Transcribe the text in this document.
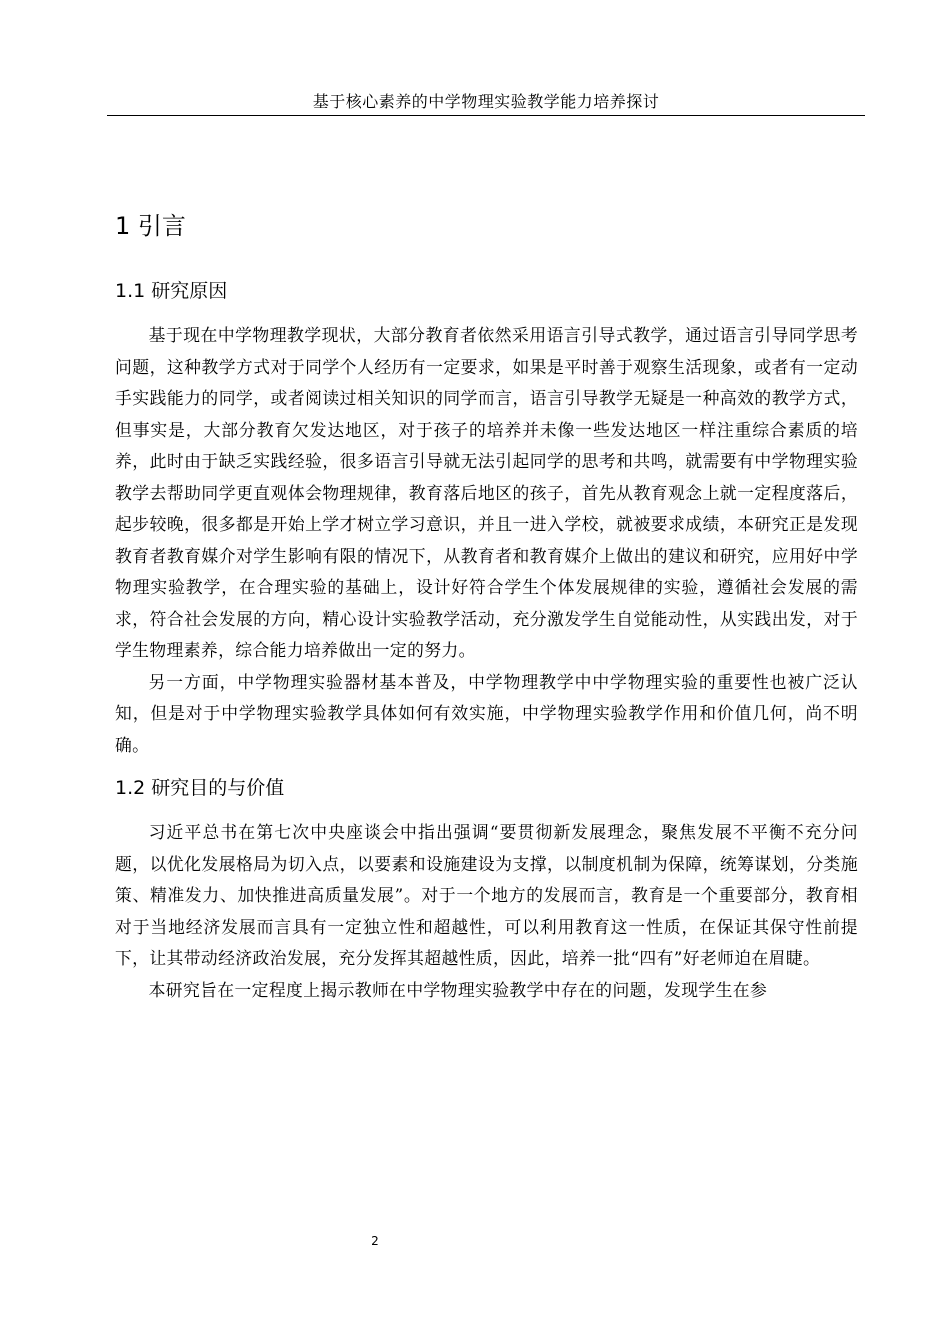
基于核心素养的中学物理实验教学能力培养探讨
1 引言
1.1 研究原因

基于现在中学物理教学现状，大部分教育者依然采用语言引导式教学，通过语言引导同学思考问题，这种教学方式对于同学个人经历有一定要求，如果是平时善于观察生活现象，或者有一定动手实践能力的同学，或者阅读过相关知识的同学而言，语言引导教学无疑是一种高效的教学方式，但事实是，大部分教育欠发达地区，对于孩子的培养并未像一些发达地区一样注重综合素质的培养，此时由于缺乏实践经验，很多语言引导就无法引起同学的思考和共鸣，就需要有中学物理实验教学去帮助同学更直观体会物理规律，教育落后地区的孩子，首先从教育观念上就一定程度落后，起步较晚，很多都是开始上学才树立学习意识，并且一进入学校，就被要求成绩，本研究正是发现教育者教育媒介对学生影响有限的情况下，从教育者和教育媒介上做出的建议和研究，应用好中学物理实验教学，在合理实验的基础上，设计好符合学生个体发展规律的实验，遵循社会发展的需求，符合社会发展的方向，精心设计实验教学活动，充分激发学生自觉能动性，从实践出发，对于学生物理素养，综合能力培养做出一定的努力。

另一方面，中学物理实验器材基本普及，中学物理教学中中学物理实验的重要性也被广泛认知，但是对于中学物理实验教学具体如何有效实施，中学物理实验教学作用和价值几何，尚不明确。

1.2 研究目的与价值

习近平总书在第七次中央座谈会中指出强调“要贯彻新发展理念，聚焦发展不平衡不充分问题，以优化发展格局为切入点，以要素和设施建设为支撑，以制度机制为保障，统筹谋划，分类施策、精准发力、加快推进高质量发展”。对于一个地方的发展而言，教育是一个重要部分，教育相对于当地经济发展而言具有一定独立性和超越性，可以利用教育这一性质，在保证其保守性前提下，让其带动经济政治发展，充分发挥其超越性质，因此，培养一批“四有”好老师迫在眉睫。

本研究旨在一定程度上揭示教师在中学物理实验教学中存在的问题，发现学生在参

2
